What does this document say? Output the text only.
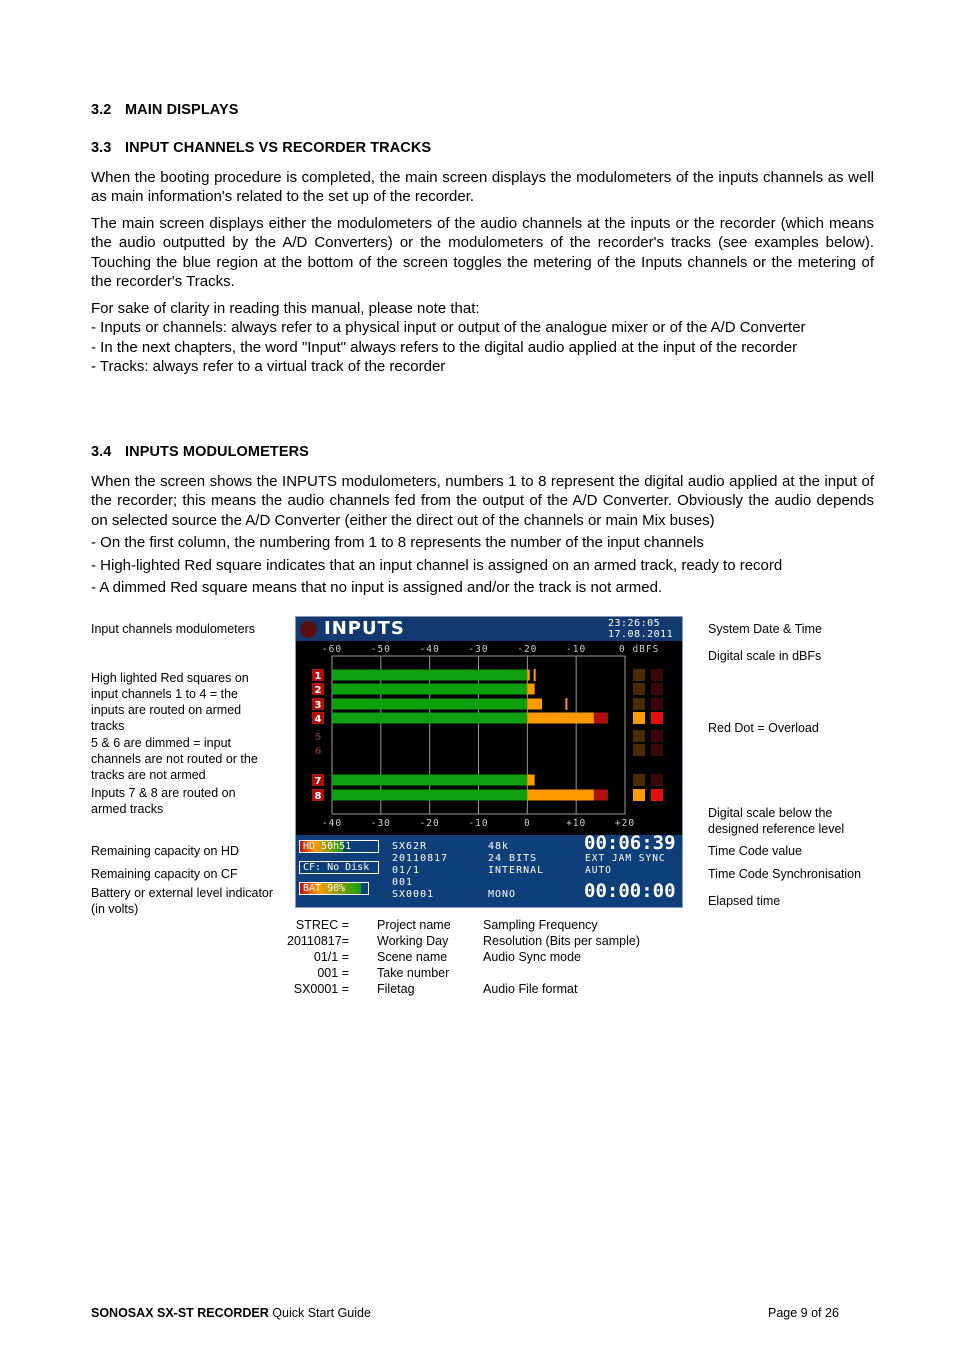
3.2 MAIN DISPLAYS
3.3 INPUT CHANNELS VS RECORDER TRACKS

When the booting procedure is completed, the main screen displays the modulometers of the inputs channels as well as main information's related to the set up of the recorder.

The main screen displays either the modulometers of the audio channels at the inputs or the recorder (which means the audio outputted by the A/D Converters) or the modulometers of the recorder's tracks (see examples below). Touching the blue region at the bottom of the screen toggles the metering of the Inputs channels or the metering of the recorder's Tracks.

For sake of clarity in reading this manual, please note that:
- Inputs or channels: always refer to a physical input or output of the analogue mixer or of the A/D Converter
- In the next chapters, the word "Input" always refers to the digital audio applied at the input of the recorder
- Tracks: always refer to a virtual track of the recorder
3.4 INPUTS MODULOMETERS

When the screen shows the INPUTS modulometers, numbers 1 to 8 represent the digital audio applied at the input of the recorder; this means the audio channels fed from the output of the A/D Converter. Obviously the audio depends on selected source the A/D Converter (either the direct out of the channels or main Mix buses)

- On the first column, the numbering from 1 to 8 represents the number of the input channels
- High-lighted Red square indicates that an input channel is assigned on an armed track, ready to record
- A dimmed Red square means that no input is assigned and/or the track is not armed.
Input channels modulometers
High lighted Red squares on input channels 1 to 4 = the inputs are routed on armed tracks
5 & 6 are dimmed = input channels are not routed or the tracks are not armed
Inputs 7 & 8 are routed on armed tracks
Remaining capacity on HD
Remaining capacity on CF
Battery or external level indicator (in volts)
System Date & Time
Digital scale in dBFs
Red Dot = Overload
Digital scale below the designed reference level
Time Code value
Time Code Synchronisation
Elapsed time
INPUTS	23:26:05
17.08.2011
-60	-50	-40	-30	-20	-10	0 dBFS
-40	-30	-20	-10	0	+10	+20
1
2
3
4
5
6
7
8
HD 50h51
CF: No Disk
BAT 90%
SX62R
20110817
01/1
001
SX0001
48k
24 BITS
INTERNAL
MONO
00:06:39
EXT JAM SYNC
AUTO
00:00:00
STREC = Project name	Sampling Frequency
20110817= Working Day	Resolution (Bits per sample)
01/1 = Scene name	Audio Sync mode
001 = Take number
SX0001 = Filetag	Audio File format
SONOSAX SX-ST RECORDER Quick Start Guide	Page 9 of 26
